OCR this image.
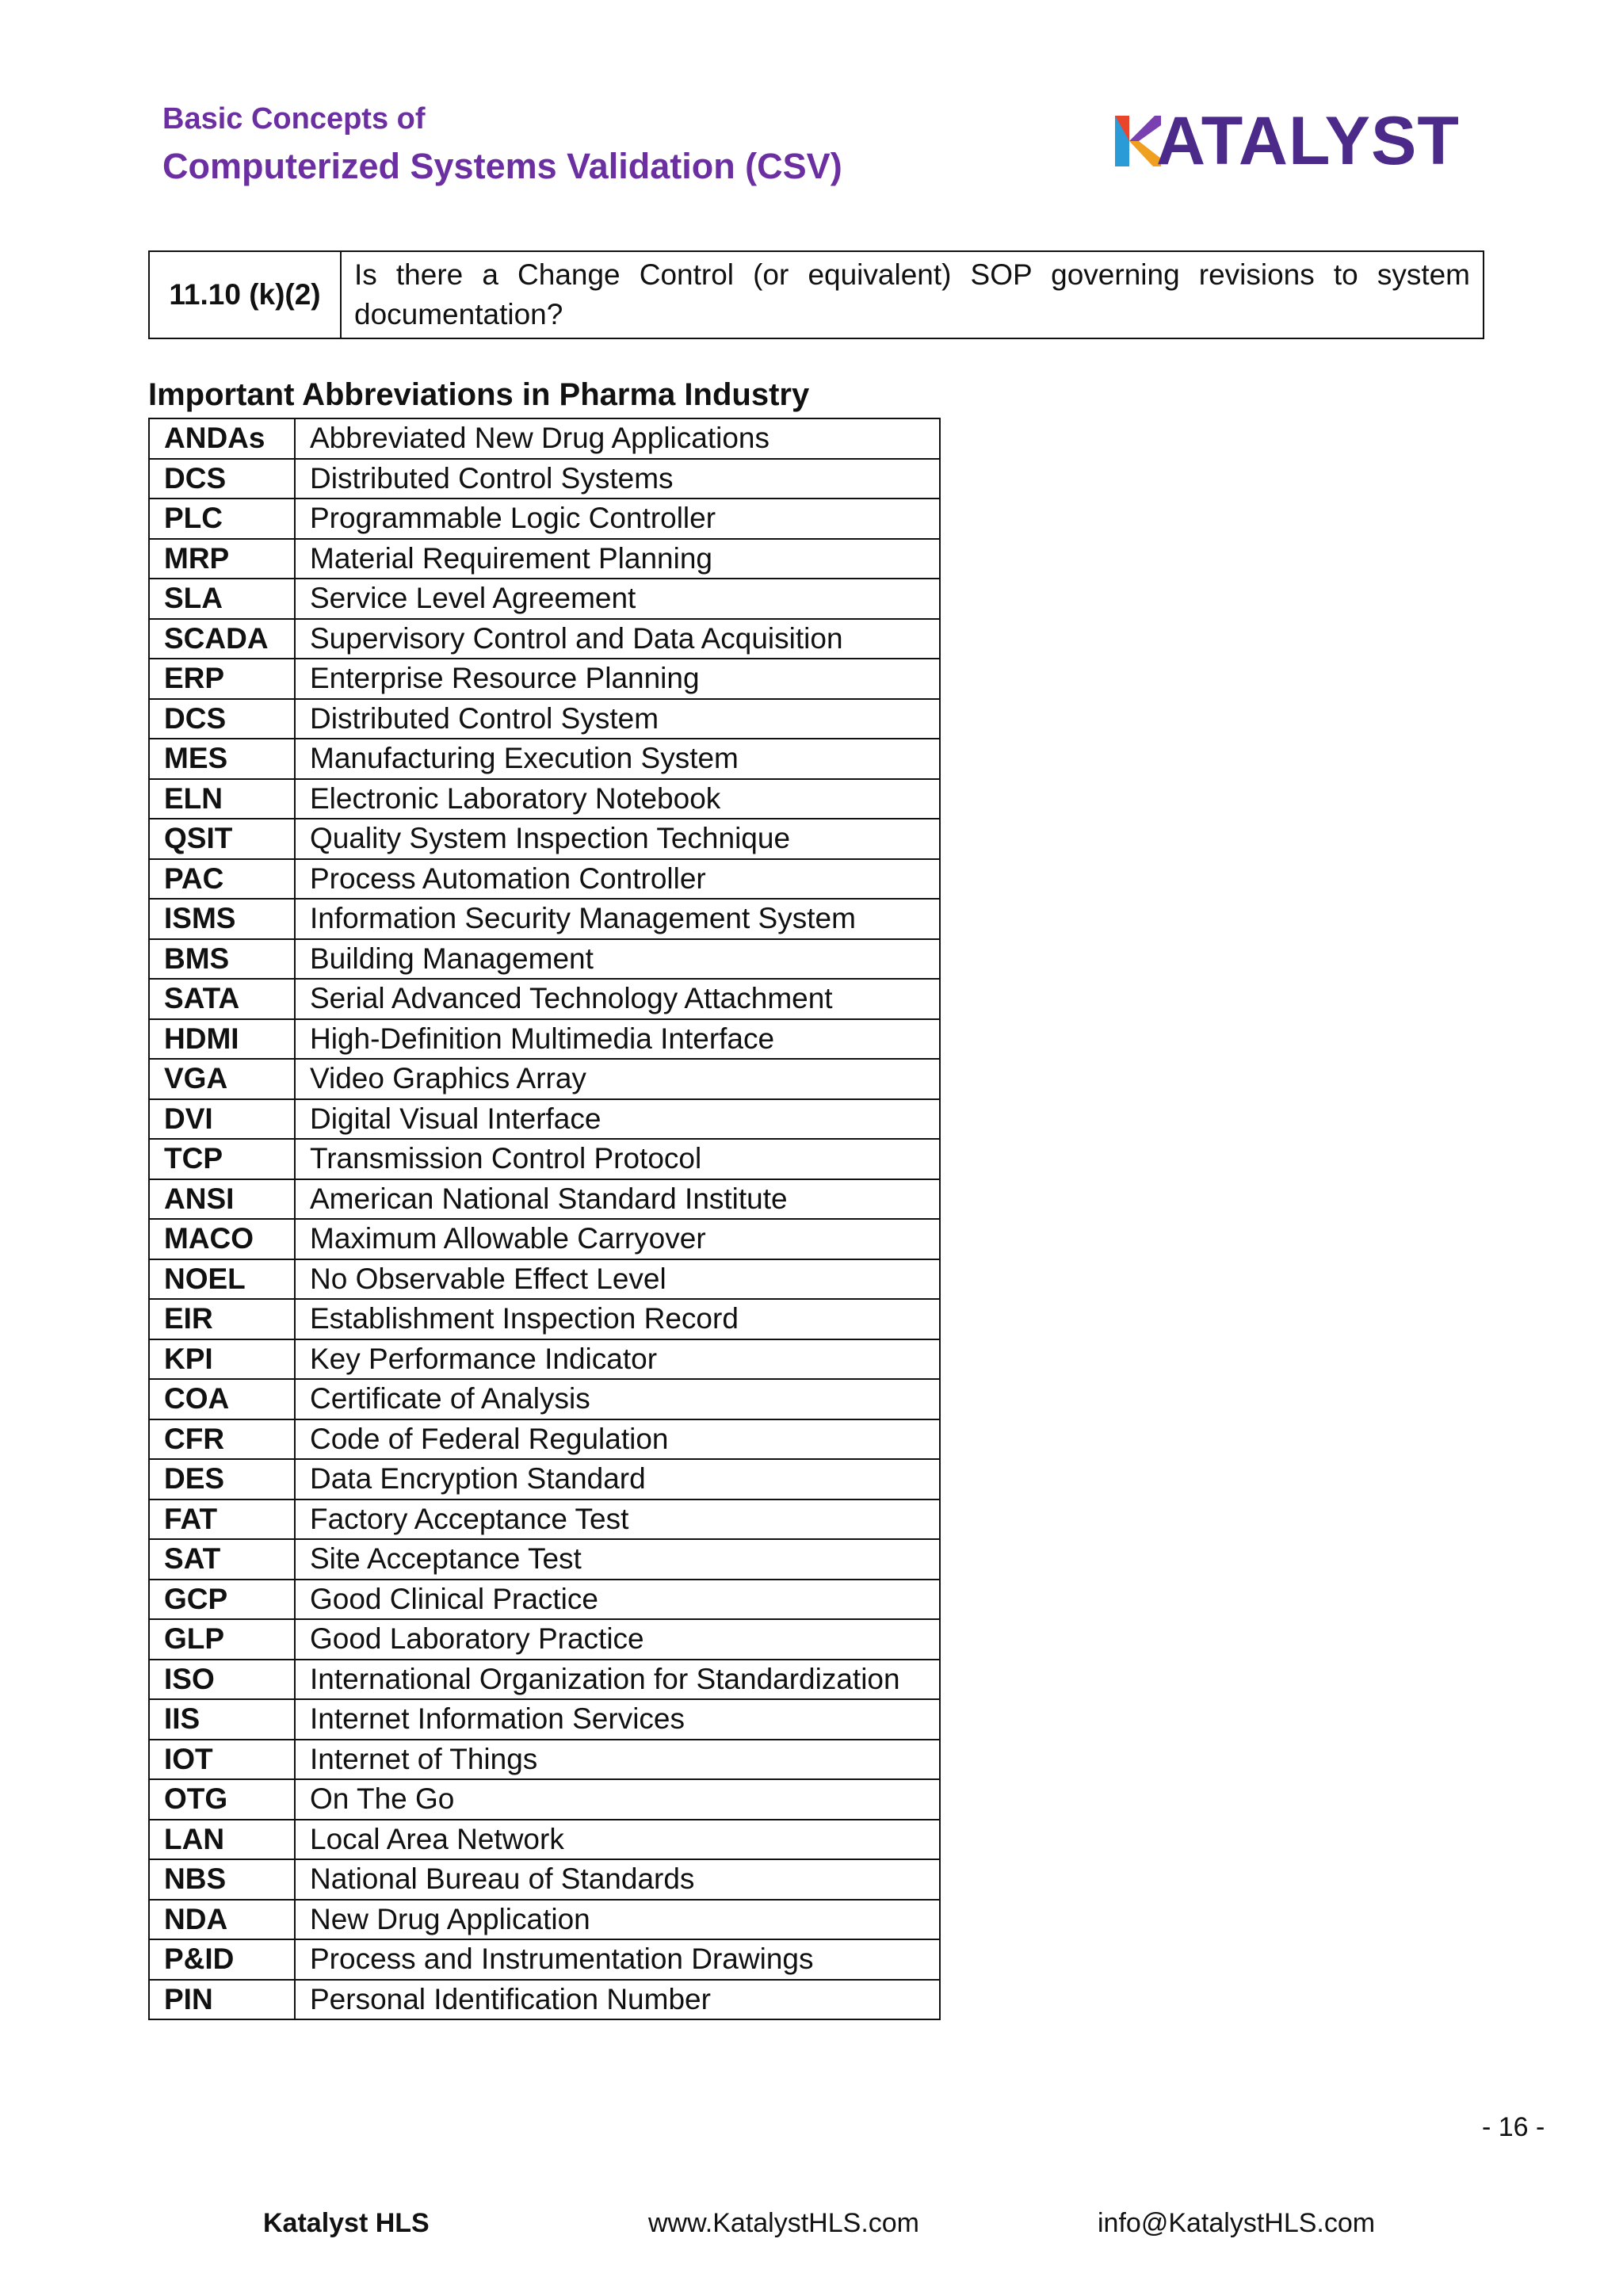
Basic Concepts of
Computerized Systems Validation (CSV)	ATALYST
11.10 (k)(2)	Is there a Change Control (or equivalent) SOP governing revisions to system documentation?
Important Abbreviations in Pharma Industry
ANDAs	Abbreviated New Drug Applications
DCS	Distributed Control Systems
PLC	Programmable Logic Controller
MRP	Material Requirement Planning
SLA	Service Level Agreement
SCADA	Supervisory Control and Data Acquisition
ERP	Enterprise Resource Planning
DCS	Distributed Control System
MES	Manufacturing Execution System
ELN	Electronic Laboratory Notebook
QSIT	Quality System Inspection Technique
PAC	Process Automation Controller
ISMS	Information Security Management System
BMS	Building Management
SATA	Serial Advanced Technology Attachment
HDMI	High-Definition Multimedia Interface
VGA	Video Graphics Array
DVI	Digital Visual Interface
TCP	Transmission Control Protocol
ANSI	American National Standard Institute
MACO	Maximum Allowable Carryover
NOEL	No Observable Effect Level
EIR	Establishment Inspection Record
KPI	Key Performance Indicator
COA	Certificate of Analysis
CFR	Code of Federal Regulation
DES	Data Encryption Standard
FAT	Factory Acceptance Test
SAT	Site Acceptance Test
GCP	Good Clinical Practice
GLP	Good Laboratory Practice
ISO	International Organization for Standardization
IIS	Internet Information Services
IOT	Internet of Things
OTG	On The Go
LAN	Local Area Network
NBS	National Bureau of Standards
NDA	New Drug Application
P&ID	Process and Instrumentation Drawings
PIN	Personal Identification Number
- 16 -
Katalyst HLS	www.KatalystHLS.com	info@KatalystHLS.com
